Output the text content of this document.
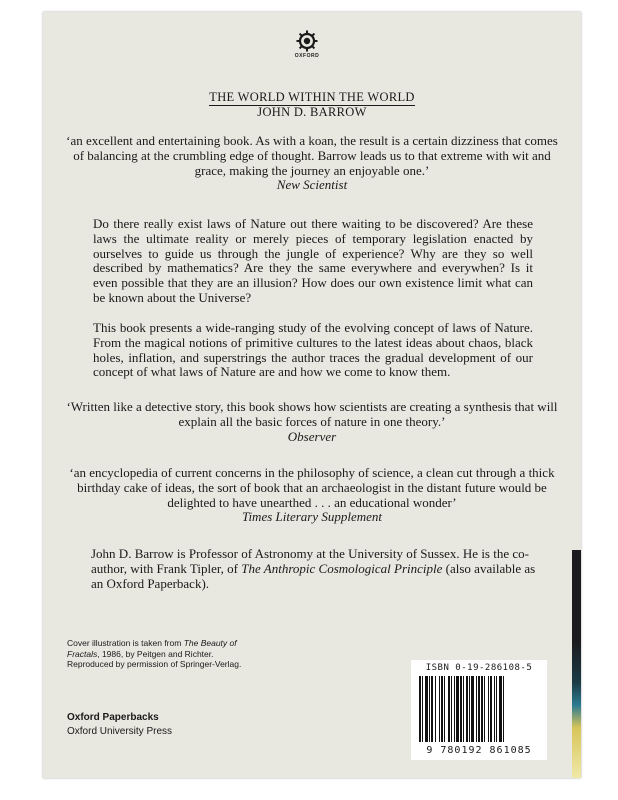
OXFORD
THE WORLD WITHIN THE WORLD
JOHN D. BARROW
‘an excellent and entertaining book. As with a koan, the result is a certain dizziness that comes of balancing at the crumbling edge of thought. Barrow leads us to that extreme with wit and grace, making the journey an enjoyable one.’
New Scientist
Do there really exist laws of Nature out there waiting to be discovered? Are these laws the ultimate reality or merely pieces of temporary legislation enacted by ourselves to guide us through the jungle of experience? Why are they so well described by mathematics? Are they the same everywhere and everywhen? Is it even possible that they are an illusion? How does our own existence limit what can be known about the Universe?
This book presents a wide-ranging study of the evolving concept of laws of Nature. From the magical notions of primitive cultures to the latest ideas about chaos, black holes, inflation, and superstrings the author traces the gradual development of our concept of what laws of Nature are and how we come to know them.
‘Written like a detective story, this book shows how scientists are creating a synthesis that will explain all the basic forces of nature in one theory.’
Observer
‘an encyclopedia of current concerns in the philosophy of science, a clean cut through a thick birthday cake of ideas, the sort of book that an archaeologist in the distant future would be delighted to have unearthed . . . an educational wonder’
Times Literary Supplement
John D. Barrow is Professor of Astronomy at the University of Sussex. He is the co-author, with Frank Tipler, of The Anthropic Cosmological Principle (also available as an Oxford Paperback).
Cover illustration is taken from The Beauty of Fractals, 1986, by Peitgen and Richter. Reproduced by permission of Springer-Verlag.
Oxford Paperbacks
Oxford University Press
ISBN 0-19-286108-5
9 780192 861085
